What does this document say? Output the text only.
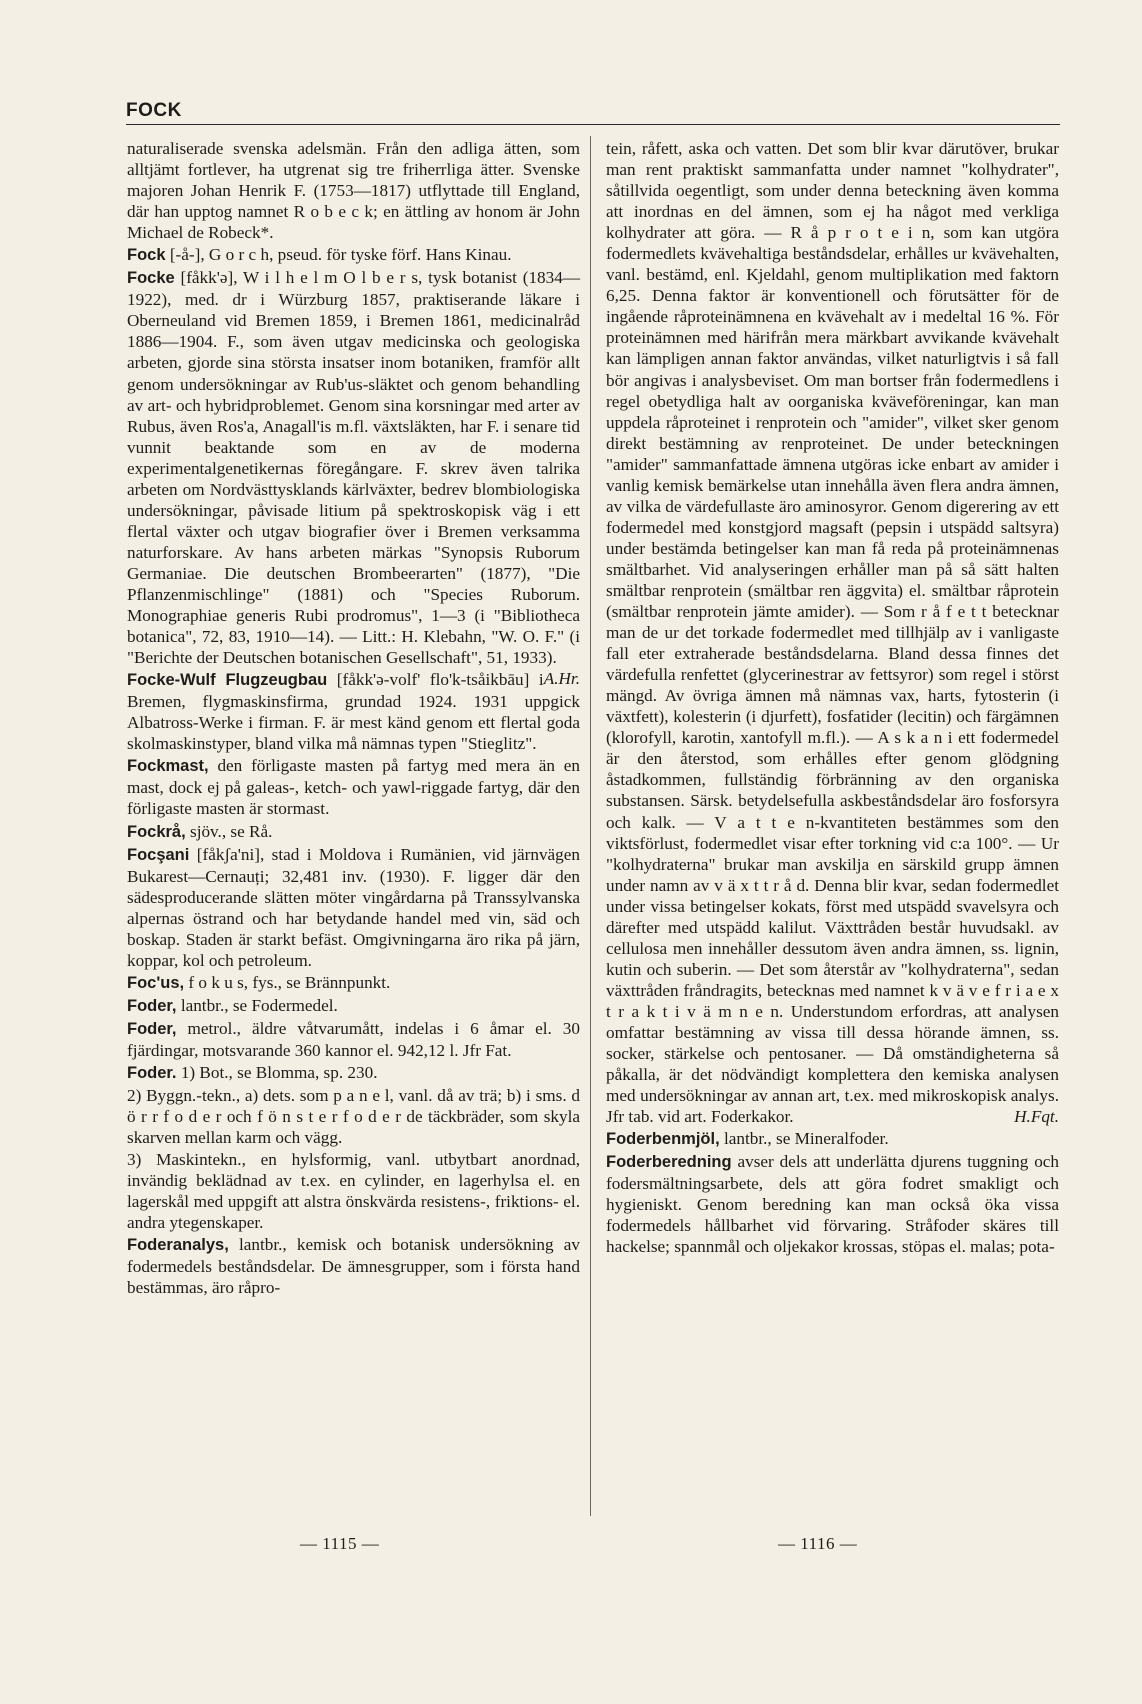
FOCK

naturaliserade svenska adelsmän. Från den adliga ätten, som alltjämt fortlever, ha utgrenat sig tre friherrliga ätter. Svenske majoren Johan Henrik F. (1753—1817) utflyttade till England, där han upptog namnet R o b e c k; en ättling av honom är John Michael de Robeck*.

Fock [-å-], G o r c h, pseud. för tyske förf. Hans Kinau.

Focke [fåkk'ə], W i l h e l m O l b e r s, tysk botanist (1834—1922), med. dr i Würzburg 1857, praktiserande läkare i Oberneuland vid Bremen 1859, i Bremen 1861, medicinalråd 1886—1904. F., som även utgav medicinska och geologiska arbeten, gjorde sina största insatser inom botaniken, framför allt genom undersökningar av Rub'us-släktet och genom behandling av art- och hybridproblemet. Genom sina korsningar med arter av Rubus, även Ros'a, Anagall'is m.fl. växtsläkten, har F. i senare tid vunnit beaktande som en av de moderna experimentalgenetikernas föregångare. F. skrev även talrika arbeten om Nordvästtysklands kärlväxter, bedrev blombiologiska undersökningar, påvisade litium på spektroskopisk väg i ett flertal växter och utgav biografier över i Bremen verksamma naturforskare. Av hans arbeten märkas "Synopsis Ruborum Germaniae. Die deutschen Brombeerarten" (1877), "Die Pflanzenmischlinge" (1881) och "Species Ruborum. Monographiae generis Rubi prodromus", 1—3 (i "Bibliotheca botanica", 72, 83, 1910—14). — Litt.: H. Klebahn, "W. O. F." (i "Berichte der Deutschen botanischen Gesellschaft", 51, 1933).
A.Hr.

Focke-Wulf Flugzeugbau [fåkk'ə-volf' flo'k-tsåikbāu] i Bremen, flygmaskinsfirma, grundad 1924. 1931 uppgick Albatross-Werke i firman. F. är mest känd genom ett flertal goda skolmaskinstyper, bland vilka må nämnas typen "Stieglitz".

Fockmast, den förligaste masten på fartyg med mera än en mast, dock ej på galeas-, ketch- och yawl-riggade fartyg, där den förligaste masten är stormast.

Fockrå, sjöv., se Rå.

Focşani [fåkʃa'ni], stad i Moldova i Rumänien, vid järnvägen Bukarest—Cernauți; 32,481 inv. (1930). F. ligger där den sädesproducerande slätten möter vingårdarna på Transsylvanska alpernas östrand och har betydande handel med vin, säd och boskap. Staden är starkt befäst. Omgivningarna äro rika på järn, koppar, kol och petroleum.

Foc'us, f o k u s, fys., se Brännpunkt.

Foder, lantbr., se Fodermedel.

Foder, metrol., äldre våtvarumått, indelas i 6 åmar el. 30 fjärdingar, motsvarande 360 kannor el. 942,12 l. Jfr Fat.

Foder. 1) Bot., se Blomma, sp. 230.

2) Byggn.-tekn., a) dets. som p a n e l, vanl. då av trä; b) i sms. d ö r r f o d e r och f ö n s t e r f o d e r de täckbräder, som skyla skarven mellan karm och vägg.

3) Maskintekn., en hylsformig, vanl. utbytbart anordnad, invändig beklädnad av t.ex. en cylinder, en lagerhylsa el. en lagerskål med uppgift att alstra önskvärda resistens-, friktions- el. andra ytegenskaper.

Foderanalys, lantbr., kemisk och botanisk undersökning av fodermedels beståndsdelar. De ämnesgrupper, som i första hand bestämmas, äro råpro-

tein, råfett, aska och vatten. Det som blir kvar därutöver, brukar man rent praktiskt sammanfatta under namnet "kolhydrater", såtillvida oegentligt, som under denna beteckning även komma att inordnas en del ämnen, som ej ha något med verkliga kolhydrater att göra. — R å p r o t e i n, som kan utgöra fodermedlets kvävehaltiga beståndsdelar, erhålles ur kvävehalten, vanl. bestämd, enl. Kjeldahl, genom multiplikation med faktorn 6,25. Denna faktor är konventionell och förutsätter för de ingående råproteinämnena en kvävehalt av i medeltal 16 %. För proteinämnen med härifrån mera märkbart avvikande kvävehalt kan lämpligen annan faktor användas, vilket naturligtvis i så fall bör angivas i analysbeviset. Om man bortser från fodermedlens i regel obetydliga halt av oorganiska kväveföreningar, kan man uppdela råproteinet i renprotein och "amider", vilket sker genom direkt bestämning av renproteinet. De under beteckningen "amider" sammanfattade ämnena utgöras icke enbart av amider i vanlig kemisk bemärkelse utan innehålla även flera andra ämnen, av vilka de värdefullaste äro aminosyror. Genom digerering av ett fodermedel med konstgjord magsaft (pepsin i utspädd saltsyra) under bestämda betingelser kan man få reda på proteinämnenas smältbarhet. Vid analyseringen erhåller man på så sätt halten smältbar renprotein (smältbar ren äggvita) el. smältbar råprotein (smältbar renprotein jämte amider). — Som r å f e t t betecknar man de ur det torkade fodermedlet med tillhjälp av i vanligaste fall eter extraherade beståndsdelarna. Bland dessa finnes det värdefulla renfettet (glycerinestrar av fettsyror) som regel i störst mängd. Av övriga ämnen må nämnas vax, harts, fytosterin (i växtfett), kolesterin (i djurfett), fosfatider (lecitin) och färgämnen (klorofyll, karotin, xantofyll m.fl.). — A s k a n i ett fodermedel är den återstod, som erhålles efter genom glödgning åstadkommen, fullständig förbränning av den organiska substansen. Särsk. betydelsefulla askbeståndsdelar äro fosforsyra och kalk. — V a t t e n-kvantiteten bestämmes som den viktsförlust, fodermedlet visar efter torkning vid c:a 100°. — Ur "kolhydraterna" brukar man avskilja en särskild grupp ämnen under namn av v ä x t t r å d. Denna blir kvar, sedan fodermedlet under vissa betingelser kokats, först med utspädd svavelsyra och därefter med utspädd kalilut. Växttråden består huvudsakl. av cellulosa men innehåller dessutom även andra ämnen, ss. lignin, kutin och suberin. — Det som återstår av "kolhydraterna", sedan växttråden fråndragits, betecknas med namnet k v ä v e f r i a e x t r a k t i v ä m n e n. Understundom erfordras, att analysen omfattar bestämning av vissa till dessa hörande ämnen, ss. socker, stärkelse och pentosaner. — Då omständigheterna så påkalla, är det nödvändigt komplettera den kemiska analysen med undersökningar av annan art, t.ex. med mikroskopisk analys. Jfr tab. vid art. Foderkakor.	H.Fqt.

Foderbenmjöl, lantbr., se Mineralfoder.

Foderberedning avser dels att underlätta djurens tuggning och fodersmältningsarbete, dels att göra fodret smakligt och hygieniskt. Genom beredning kan man också öka vissa fodermedels hållbarhet vid förvaring. Stråfoder skäres till hackelse; spannmål och oljekakor krossas, stöpas el. malas; pota-

— 1115 —	— 1116 —
